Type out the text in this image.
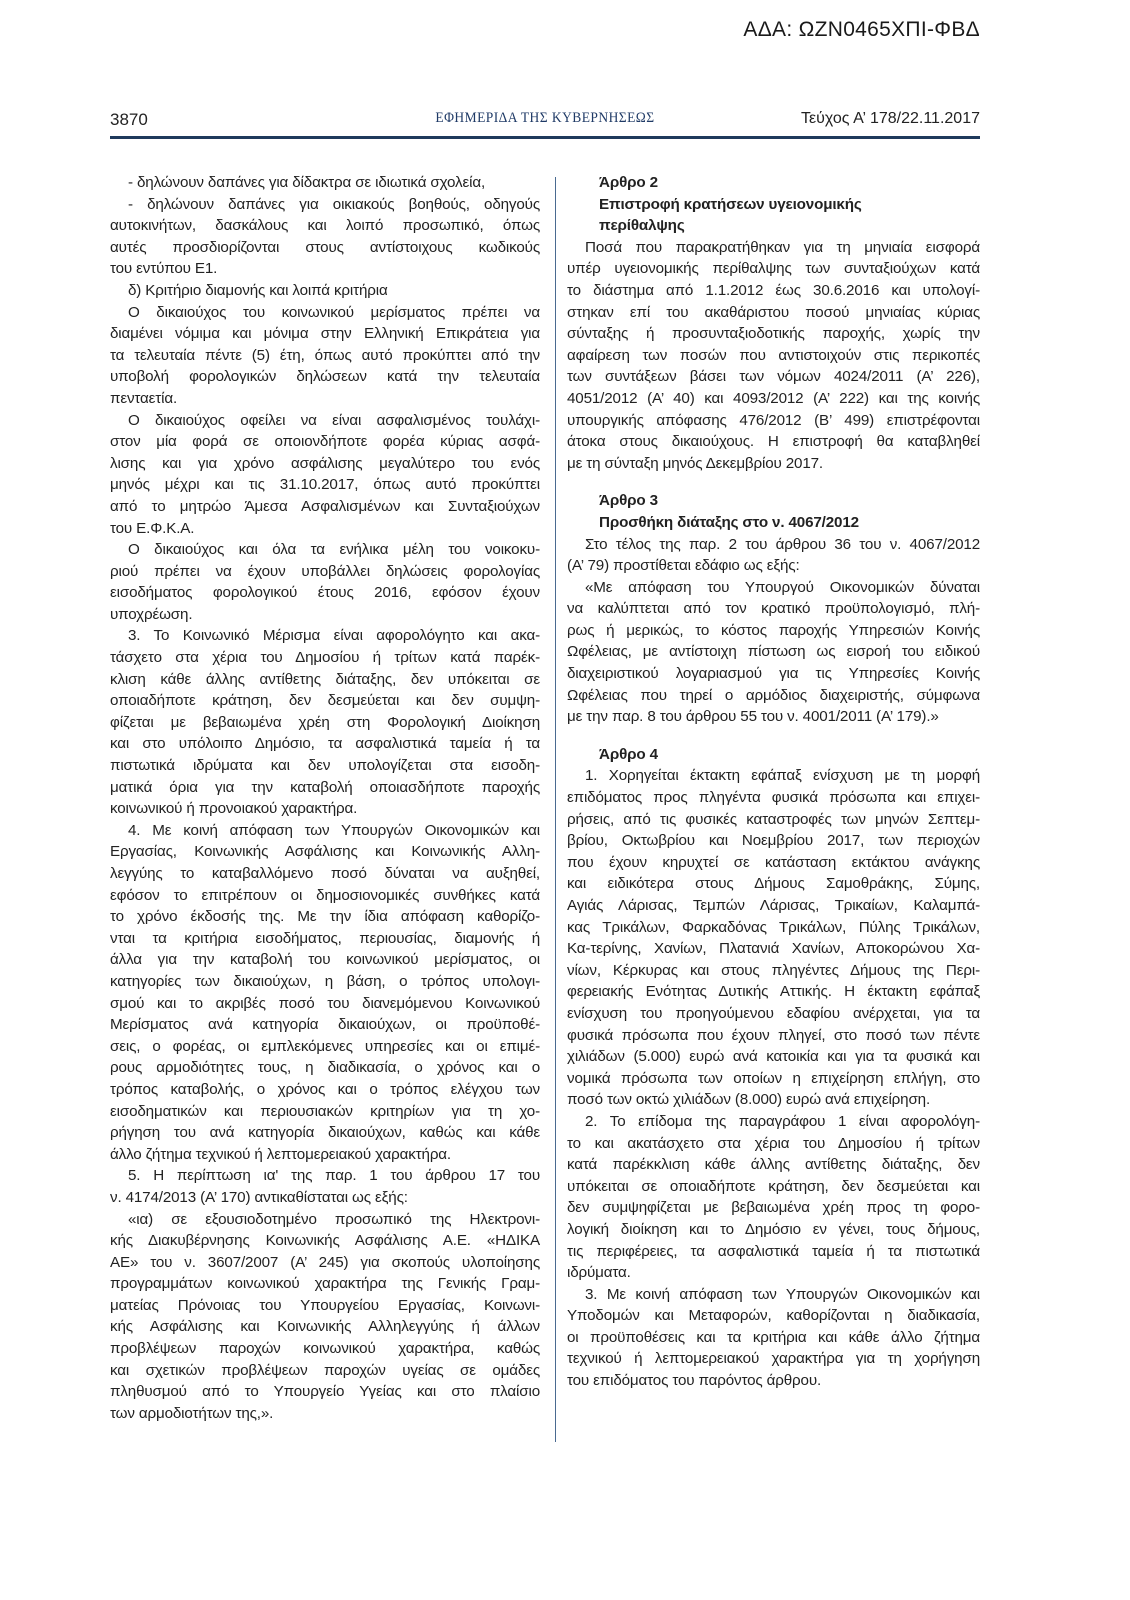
ΑΔΑ: ΩΖΝ0465ΧΠΙ-ΦΒΔ
3870	ΕΦΗΜΕΡΙΔΑ ΤΗΣ ΚΥΒΕΡΝΗΣΕΩΣ	Τεύχος Α’ 178/22.11.2017
- δηλώνουν δαπάνες για δίδακτρα σε ιδιωτικά σχολεία,
- δηλώνουν δαπάνες για οικιακούς βοηθούς, οδηγούς
αυτοκινήτων, δασκάλους και λοιπό προσωπικό, όπως
αυτές προσδιορίζονται στους αντίστοιχους κωδικούς
του εντύπου Ε1.
δ) Κριτήριο διαμονής και λοιπά κριτήρια
Ο δικαιούχος του κοινωνικού μερίσματος πρέπει να
διαμένει νόμιμα και μόνιμα στην Ελληνική Επικράτεια για
τα τελευταία πέντε (5) έτη, όπως αυτό προκύπτει από την
υποβολή φορολογικών δηλώσεων κατά την τελευταία
πενταετία.
Ο δικαιούχος οφείλει να είναι ασφαλισμένος τουλάχι-
στον μία φορά σε οποιονδήποτε φορέα κύριας ασφά-
λισης και για χρόνο ασφάλισης μεγαλύτερο του ενός
μηνός μέχρι και τις 31.10.2017, όπως αυτό προκύπτει
από το μητρώο Άμεσα Ασφαλισμένων και Συνταξιούχων
του Ε.Φ.Κ.Α.
Ο δικαιούχος και όλα τα ενήλικα μέλη του νοικοκυ-
ριού πρέπει να έχουν υποβάλλει δηλώσεις φορολογίας
εισοδήματος φορολογικού έτους 2016, εφόσον έχουν
υποχρέωση.
3. Το Κοινωνικό Μέρισμα είναι αφορολόγητο και ακα-
τάσχετο στα χέρια του Δημοσίου ή τρίτων κατά παρέκ-
κλιση κάθε άλλης αντίθετης διάταξης, δεν υπόκειται σε
οποιαδήποτε κράτηση, δεν δεσμεύεται και δεν συμψη-
φίζεται με βεβαιωμένα χρέη στη Φορολογική Διοίκηση
και στο υπόλοιπο Δημόσιο, τα ασφαλιστικά ταμεία ή τα
πιστωτικά ιδρύματα και δεν υπολογίζεται στα εισοδη-
ματικά όρια για την καταβολή οποιασδήποτε παροχής
κοινωνικού ή προνοιακού χαρακτήρα.
4. Με κοινή απόφαση των Υπουργών Οικονομικών και
Εργασίας, Κοινωνικής Ασφάλισης και Κοινωνικής Αλλη-
λεγγύης το καταβαλλόμενο ποσό δύναται να αυξηθεί,
εφόσον το επιτρέπουν οι δημοσιονομικές συνθήκες κατά
το χρόνο έκδοσής της. Με την ίδια απόφαση καθορίζο-
νται τα κριτήρια εισοδήματος, περιουσίας, διαμονής ή
άλλα για την καταβολή του κοινωνικού μερίσματος, οι
κατηγορίες των δικαιούχων, η βάση, ο τρόπος υπολογι-
σμού και το ακριβές ποσό του διανεμόμενου Κοινωνικού
Μερίσματος ανά κατηγορία δικαιούχων, οι προϋποθέ-
σεις, ο φορέας, οι εμπλεκόμενες υπηρεσίες και οι επιμέ-
ρους αρμοδιότητες τους, η διαδικασία, ο χρόνος και ο
τρόπος καταβολής, ο χρόνος και ο τρόπος ελέγχου των
εισοδηματικών και περιουσιακών κριτηρίων για τη χο-
ρήγηση του ανά κατηγορία δικαιούχων, καθώς και κάθε
άλλο ζήτημα τεχνικού ή λεπτομερειακού χαρακτήρα.
5. Η περίπτωση ια' της παρ. 1 του άρθρου 17 του
ν. 4174/2013 (Α’ 170) αντικαθίσταται ως εξής:
«ια) σε εξουσιοδοτημένο προσωπικό της Ηλεκτρονι-
κής Διακυβέρνησης Κοινωνικής Ασφάλισης Α.Ε. «ΗΔΙΚΑ
ΑΕ» του ν. 3607/2007 (Α’ 245) για σκοπούς υλοποίησης
προγραμμάτων κοινωνικού χαρακτήρα της Γενικής Γραμ-
ματείας Πρόνοιας του Υπουργείου Εργασίας, Κοινωνι-
κής Ασφάλισης και Κοινωνικής Αλληλεγγύης ή άλλων
προβλέψεων παροχών κοινωνικού χαρακτήρα, καθώς
και σχετικών προβλέψεων παροχών υγείας σε ομάδες
πληθυσμού από το Υπουργείο Υγείας και στο πλαίσιο
των αρμοδιοτήτων της,».
Άρθρο 2
Επιστροφή κρατήσεων υγειονομικής
περίθαλψης
Ποσά που παρακρατήθηκαν για τη μηνιαία εισφορά
υπέρ υγειονομικής περίθαλψης των συνταξιούχων κατά
το διάστημα από 1.1.2012 έως 30.6.2016 και υπολογί-
στηκαν επί του ακαθάριστου ποσού μηνιαίας κύριας
σύνταξης ή προσυνταξιοδοτικής παροχής, χωρίς την
αφαίρεση των ποσών που αντιστοιχούν στις περικοπές
των συντάξεων βάσει των νόμων 4024/2011 (Α’ 226),
4051/2012 (Α’ 40) και 4093/2012 (Α’ 222) και της κοινής
υπουργικής απόφασης 476/2012 (Β’ 499) επιστρέφονται
άτοκα στους δικαιούχους. Η επιστροφή θα καταβληθεί
με τη σύνταξη μηνός Δεκεμβρίου 2017.
Άρθρο 3
Προσθήκη διάταξης στο ν. 4067/2012
Στο τέλος της παρ. 2 του άρθρου 36 του ν. 4067/2012
(Α’ 79) προστίθεται εδάφιο ως εξής:
«Με απόφαση του Υπουργού Οικονομικών δύναται
να καλύπτεται από τον κρατικό προϋπολογισμό, πλή-
ρως ή μερικώς, το κόστος παροχής Υπηρεσιών Κοινής
Ωφέλειας, με αντίστοιχη πίστωση ως εισροή του ειδικού
διαχειριστικού λογαριασμού για τις Υπηρεσίες Κοινής
Ωφέλειας που τηρεί ο αρμόδιος διαχειριστής, σύμφωνα
με την παρ. 8 του άρθρου 55 του ν. 4001/2011 (Α’ 179).»
Άρθρο 4
1. Χορηγείται έκτακτη εφάπαξ ενίσχυση με τη μορφή
επιδόματος προς πληγέντα φυσικά πρόσωπα και επιχει-
ρήσεις, από τις φυσικές καταστροφές των μηνών Σεπτεμ-
βρίου, Οκτωβρίου και Νοεμβρίου 2017, των περιοχών
που έχουν κηρυχτεί σε κατάσταση εκτάκτου ανάγκης
και ειδικότερα στους Δήμους Σαμοθράκης, Σύμης,
Αγιάς Λάρισας, Τεμπών Λάρισας, Τρικαίων, Καλαμπά-
κας Τρικάλων, Φαρκαδόνας Τρικάλων, Πύλης Τρικάλων,
Κα-τερίνης, Χανίων, Πλατανιά Χανίων, Αποκορώνου Χα-
νίων, Κέρκυρας και στους πληγέντες Δήμους της Περι-
φερειακής Ενότητας Δυτικής Αττικής. Η έκτακτη εφάπαξ
ενίσχυση του προηγούμενου εδαφίου ανέρχεται, για τα
φυσικά πρόσωπα που έχουν πληγεί, στο ποσό των πέντε
χιλιάδων (5.000) ευρώ ανά κατοικία και για τα φυσικά και
νομικά πρόσωπα των οποίων η επιχείρηση επλήγη, στο
ποσό των οκτώ χιλιάδων (8.000) ευρώ ανά επιχείρηση.
2. Το επίδομα της παραγράφου 1 είναι αφορολόγη-
το και ακατάσχετο στα χέρια του Δημοσίου ή τρίτων
κατά παρέκκλιση κάθε άλλης αντίθετης διάταξης, δεν
υπόκειται σε οποιαδήποτε κράτηση, δεν δεσμεύεται και
δεν συμψηφίζεται με βεβαιωμένα χρέη προς τη φορο-
λογική διοίκηση και το Δημόσιο εν γένει, τους δήμους,
τις περιφέρειες, τα ασφαλιστικά ταμεία ή τα πιστωτικά
ιδρύματα.
3. Με κοινή απόφαση των Υπουργών Οικονομικών και
Υποδομών και Μεταφορών, καθορίζονται η διαδικασία,
οι προϋποθέσεις και τα κριτήρια και κάθε άλλο ζήτημα
τεχνικού ή λεπτομερειακού χαρακτήρα για τη χορήγηση
του επιδόματος του παρόντος άρθρου.
